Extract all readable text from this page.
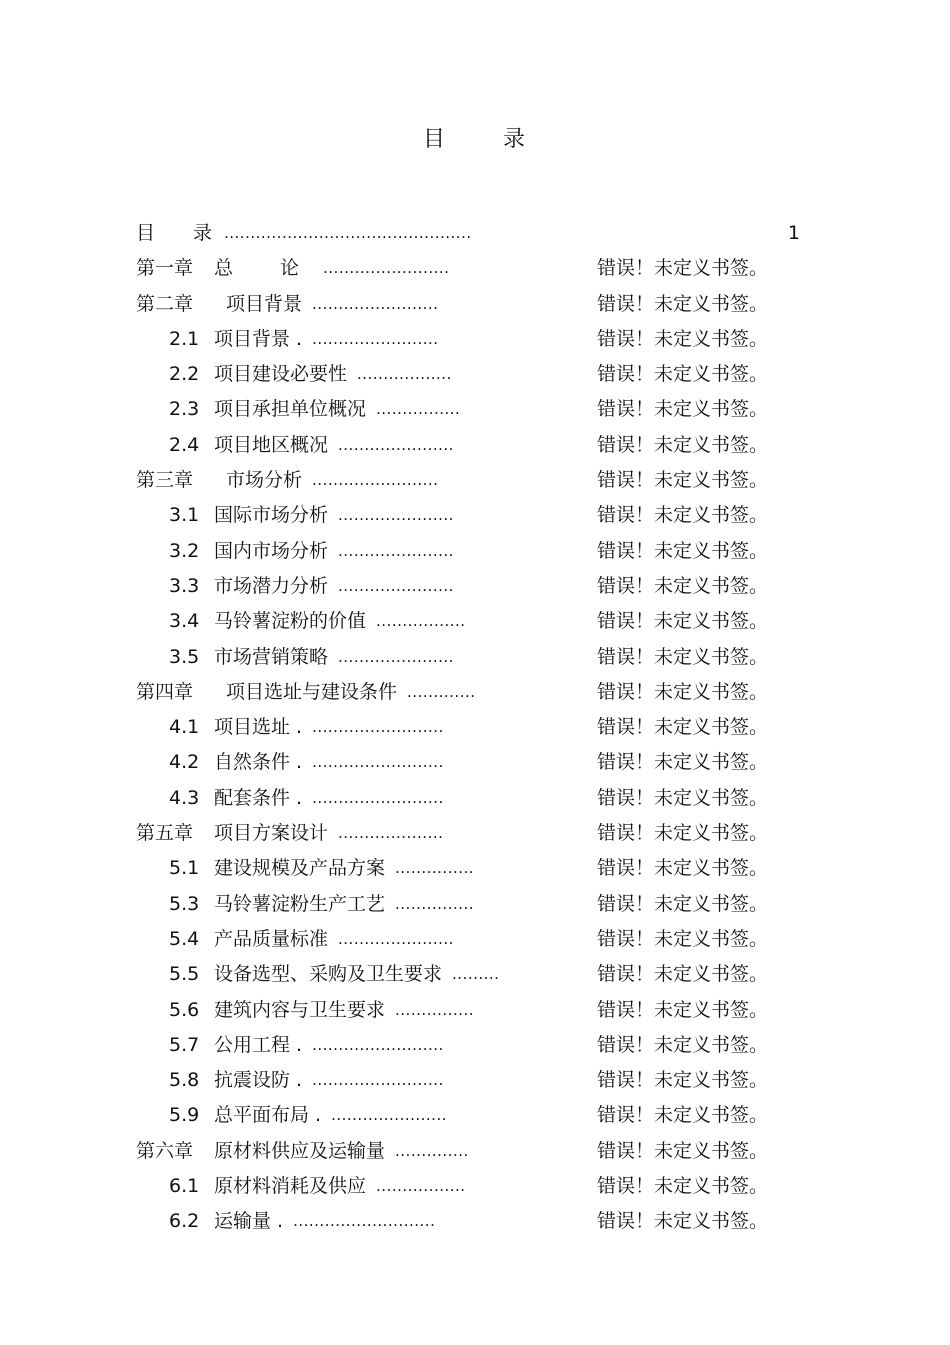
目	录
目　　录 ...............................................	1
第一章 总　论 ........................	错误！未定义书签。
第二章 项目背景 ........................	错误！未定义书签。
2.1 项目背景 . ........................	错误！未定义书签。
2.2 项目建设必要性 ..................	错误！未定义书签。
2.3 项目承担单位概况 ................	错误！未定义书签。
2.4 项目地区概况 ......................	错误！未定义书签。
第三章 市场分析 ........................	错误！未定义书签。
3.1 国际市场分析 ......................	错误！未定义书签。
3.2 国内市场分析 ......................	错误！未定义书签。
3.3 市场潜力分析 ......................	错误！未定义书签。
3.4 马铃薯淀粉的价值 .................	错误！未定义书签。
3.5 市场营销策略 ......................	错误！未定义书签。
第四章 项目选址与建设条件 .............	错误！未定义书签。
4.1 项目选址 . .........................	错误！未定义书签。
4.2 自然条件 . .........................	错误！未定义书签。
4.3 配套条件 . .........................	错误！未定义书签。
第五章 项目方案设计 ....................	错误！未定义书签。
5.1 建设规模及产品方案 ...............	错误！未定义书签。
5.3 马铃薯淀粉生产工艺 ...............	错误！未定义书签。
5.4 产品质量标准 ......................	错误！未定义书签。
5.5 设备选型、采购及卫生要求 .........	错误！未定义书签。
5.6 建筑内容与卫生要求 ...............	错误！未定义书签。
5.7 公用工程 . .........................	错误！未定义书签。
5.8 抗震设防 . .........................	错误！未定义书签。
5.9 总平面布局 . ......................	错误！未定义书签。
第六章 原材料供应及运输量 ..............	错误！未定义书签。
6.1 原材料消耗及供应 .................	错误！未定义书签。
6.2 运输量 . ...........................	错误！未定义书签。
